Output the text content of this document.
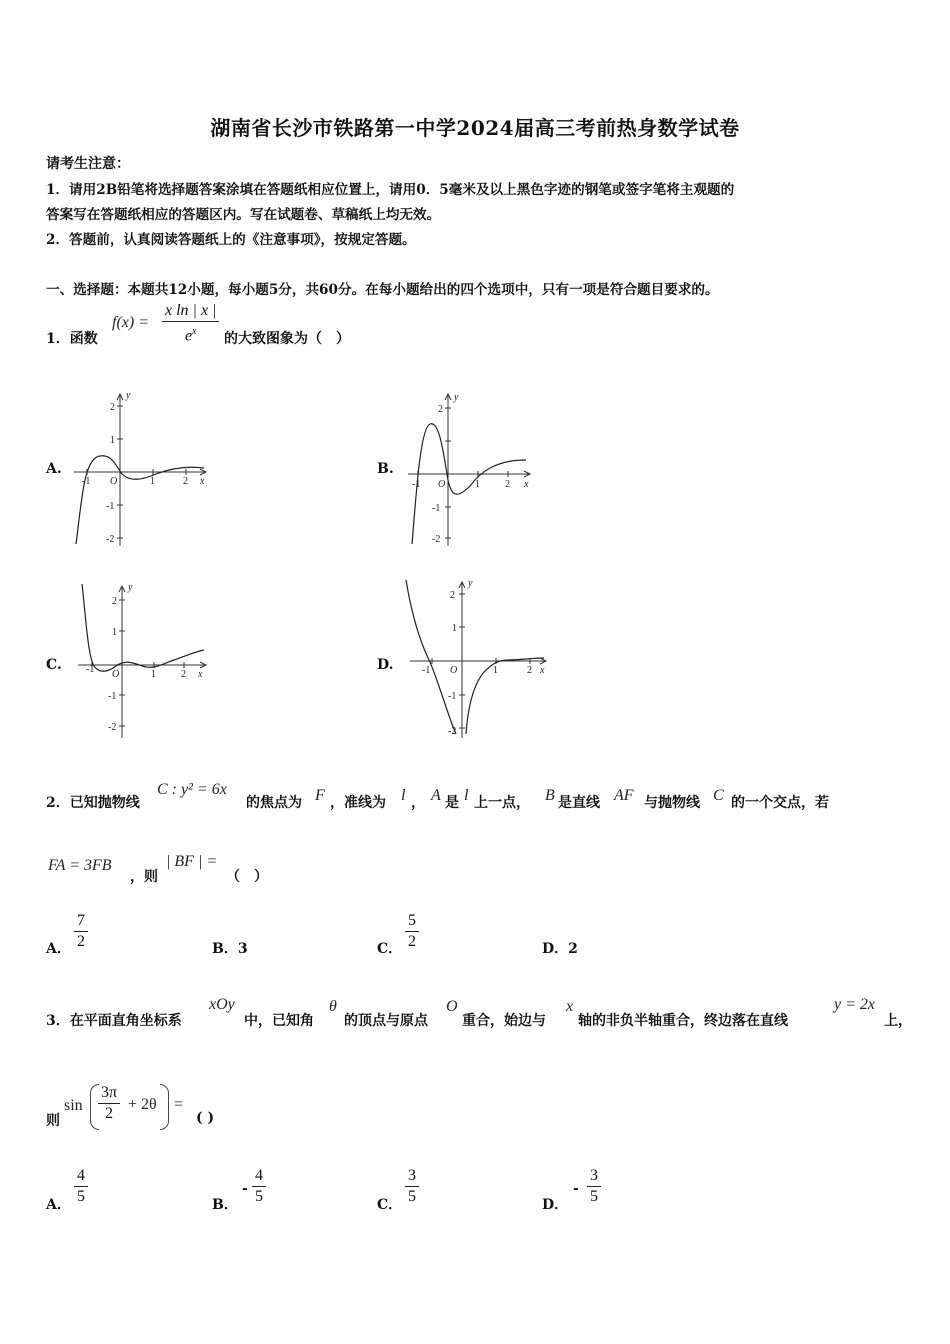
湖南省长沙市铁路第一中学2024届高三考前热身数学试卷
请考生注意：
1．请用2B铅笔将选择题答案涂填在答题纸相应位置上，请用0．5毫米及以上黑色字迹的钢笔或签字笔将主观题的
答案写在答题纸相应的答题区内。写在试题卷、草稿纸上均无效。
2．答题前，认真阅读答题纸上的《注意事项》，按规定答题。
一、选择题：本题共12小题，每小题5分，共60分。在每小题给出的四个选项中，只有一项是符合题目要求的。
1．函数
$f(x) = \frac{\text{x ln | x |}}{e^x}$ 的大致图象为（　）
A.	B.
C.	D.
2
1
-1
-2
-1	1	2
O	x
y
2
-1
-2
-1	1	2
O	x
y
2
1
-1
-2
-1	1	2
O	x
y
2
1
-1
-2
-1	1	2
O	x
y
2．已知抛物线
C : y² = 6x
的焦点为 F ，准线为 l ， A 是 l 上一点， B 是直线 AF 与抛物线 C 的一个交点，若
FA = 3FB
，则
| BF | =
（　）
A． $\frac{7}{2}$	B．3	C． $\frac{5}{2}$	D．2
3．在平面直角坐标系
xOy
中，已知角
θ
的顶点与原点
O
重合，始边与
x
轴的非负半轴重合，终边落在直线
y = 2x
上，
则
$\sin \frac{3\pi}{2} + 2\theta$ =
( )
A． $\frac{4}{5}$	B．
- $\frac{4}{5}$	C． $\frac{3}{5}$	D．
- $\frac{3}{5}$
